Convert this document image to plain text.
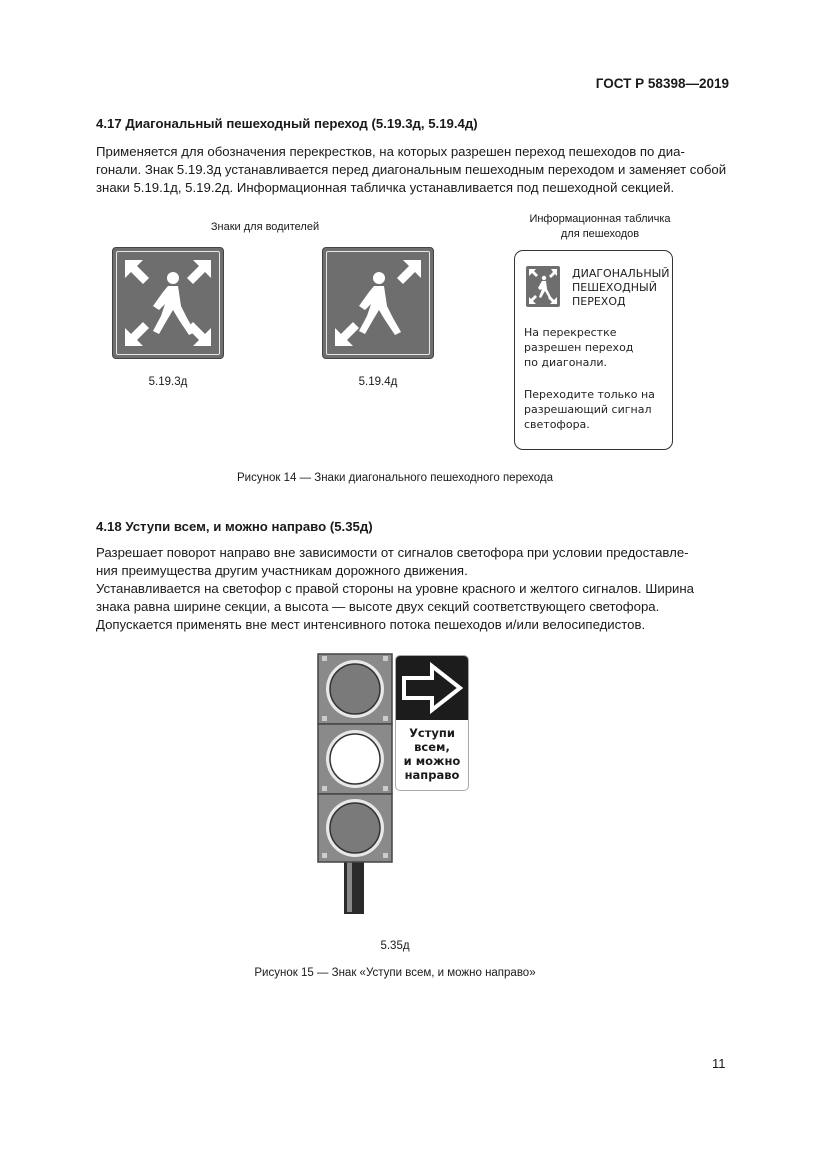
ГОСТ Р 58398—2019
4.17 Диагональный пешеходный переход (5.19.3д, 5.19.4д)
Применяется для обозначения перекрестков, на которых разрешен переход пешеходов по диа-
гонали. Знак 5.19.3д устанавливается перед диагональным пешеходным переходом и заменяет собой
знаки 5.19.1д, 5.19.2д. Информационная табличка устанавливается под пешеходной секцией.
Знаки для водителей
Информационная табличка
для пешеходов
5.19.3д	5.19.4д
ДИАГОНАЛЬНЫЙ
ПЕШЕХОДНЫЙ
ПЕРЕХОД
На перекрестке
разрешен переход
по диагонали.
Переходите только на
разрешающий сигнал
светофора.
Рисунок 14 — Знаки диагонального пешеходного перехода
4.18 Уступи всем, и можно направо (5.35д)
Разрешает поворот направо вне зависимости от сигналов светофора при условии предоставле-
ния преимущества другим участникам дорожного движения.
Устанавливается на светофор с правой стороны на уровне красного и желтого сигналов. Ширина
знака равна ширине секции, а высота — высоте двух секций соответствующего светофора.
Допускается применять вне мест интенсивного потока пешеходов и/или велосипедистов.
Уступи
всем,
и можно
направо
5.35д
Рисунок 15 — Знак «Уступи всем, и можно направо»
11
